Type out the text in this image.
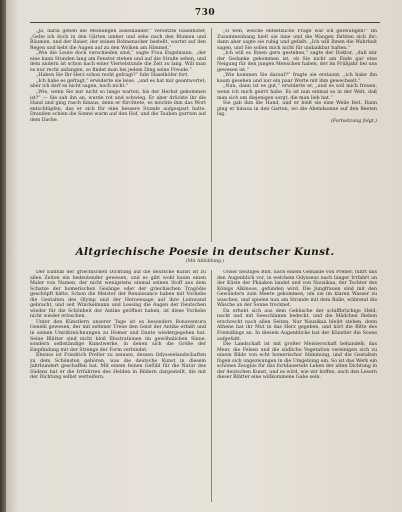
730

„Ja, darin gehen die Meinungen auseinander,“ versetzte Haselhöfer, „Gehe ich doch in den Gärten umher und sehe nach den Blumen und Bäumen, und der Bauer, der seinen Bohnenacker bestellt, wartet auf den Regen und hebt die Augen auf zu den Wolken am Himmel.“

„Wie die Leute doch verschieden sind,“ sagte Frau Engelmann, „der eine kann Stunden lang am Fenster stehen und auf die Straße sehen, und dem andern ist schon nach einer Viertelstunde die Zeit zu lang. Will man es nur recht anfangen, so findet man bei jedem Ding seine Freude.“

„Haben Sie Ihr Herz schon recht gefragt?“ fuhr Haselhöfer fort.

„Ich habe es gefragt,“ erwiderte sie leise, „und es hat mir geantwortet; aber ich darf es nicht sagen, noch nicht.“

„Wie, wenn Sie nur nicht so lange warten, bis der Herbst gekommen ist?“ — Sie sah ihn an, wurde rot und schwieg. Er aber drückte ihr die Hand und ging rasch hinaus, denn er fürchtete, es möchte ihm das Wort entschlüpfen, das er sich für eine bessere Stunde aufgespart hatte. Draußen schien die Sonne warm auf den Hof, und die Tauben gurrten auf dem Dache.

„O weh, welche entsetzliche Frage war ich gezwungen!“ Im Zusammenhang hielt sie inne und die Wangen färbten sich ihr; dann aber sagte sie ruhig und gefaßt: „Ich will Ihnen die Wahrheit sagen, und Sie sollen mich nicht für undankbar halten.“

„Ich will es Ihnen gern gestehen,“ sagte der Doktor, „daß mir der Gedanke gekommen ist, ob Sie nicht am Ende gar eine Neigung für den jungen Menschen haben, der im Frühjahr bei uns gewesen ist.“

„Wie kommen Sie darauf?“ fragte sie erstaunt, „ich habe ihn kaum gesehen und nur ein paar Worte mit ihm gewechselt.“

„Nun, dann ist es gut,“ erwiderte er, „und es soll mich freuen, wenn ich mich geirrt habe. Es ist nun einmal so in der Welt, daß man sich um diejenigen sorgt, die man lieb hat.“

Sie gab ihm die Hand, und er hielt sie eine Weile fest. Dann ging er hinaus in den Garten, wo die Abendsonne auf den Beeten lag.

(Fortsetzung folgt.)

Altgriechische Poesie in deutscher Kunst.
(Mit Abbildung.)

Der Einfluß der griechischen Dichtung auf die deutsche Kunst ist zu allen Zeiten ein bedeutender gewesen, und es gibt wohl kaum einen Maler von Namen, der nicht wenigstens einmal seinen Stoff aus dem Schatze der homerischen Gesänge oder der griechischen Tragödie geschöpft hätte. Schon die Meister der Renaissance haben mit Vorliebe die Gestalten des Olymp und der Heroensage auf ihre Leinwand gebracht, und seit Winckelmann und Lessing die Augen der Deutschen wieder für die Schönheit der Antike geöffnet haben, ist diese Vorliebe nicht wieder erloschen.

Unter den Künstlern unserer Tage ist es besonders Bonaventura Genelli gewesen, der mit seltener Treue den Geist der Antike erfaßt und in seinen Umrißzeichnungen zu Homer und Dante wiedergegeben hat. Seine Blätter sind nicht bloß Illustrationen im gewöhnlichen Sinne, sondern selbständige Kunstwerke, in denen sich die Größe der Empfindung mit der Strenge der Form verbindet.

Ebenso ist Friedrich Preller zu nennen, dessen Odysseelandschaften zu dem Schönsten gehören, was die deutsche Kunst in diesem Jahrhundert geschaffen hat. Mit einem feinen Gefühl für die Natur des Südens hat er die Irrfahrten des Helden in Bildern dargestellt, die mit der Dichtung selbst wetteifern.

Unser heutiges Bild, nach einem Gemälde von Preller, führt uns den Augenblick vor, in welchem Odysseus nach langer Irrfahrt an der Küste der Phäaken landet und von Nausikaa, der Tochter des Königs Alkinoos, gefunden wird. Die Jungfrauen sind mit den Gewändern zum Meere gekommen, um sie im klaren Wasser zu waschen, und spielen nun am Strande mit dem Balle, während die Wäsche an der Sonne trocknet.

Da erhebt sich aus dem Gebüsche der schiffbrüchige Held, nackt und mit Seeschlamm bedeckt, und die Mädchen fliehen erschreckt nach allen Seiten. Nur Nausikaa bleibt stehen, denn Athene hat ihr Mut in das Herz gegeben, und hört die Bitte des Fremdlings an. In diesem Augenblicke hat der Künstler die Scene aufgefaßt.

Die Landschaft ist mit großer Meisterschaft behandelt; das Meer, die Felsen und die südliche Vegetation vereinigen sich zu einem Bilde von echt homerischer Stimmung, und die Gestalten fügen sich ungezwungen in die Umgebung ein. So ist das Werk ein schönes Zeugnis für das fortdauernde Leben der alten Dichtung in der deutschen Kunst, und es wird, wie wir hoffen, auch den Lesern dieser Blätter eine willkommene Gabe sein.
